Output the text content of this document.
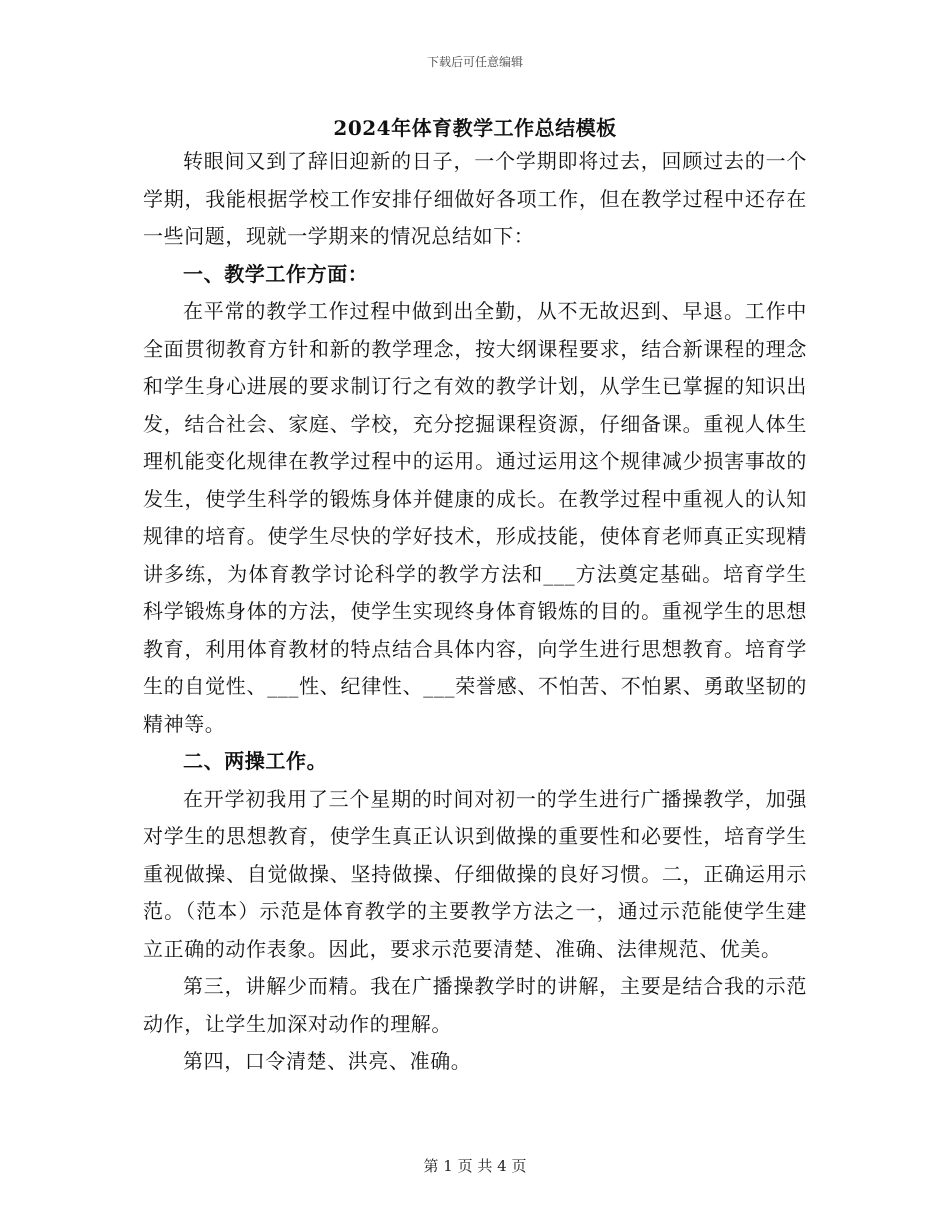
下载后可任意编辑
2024年体育教学工作总结模板

转眼间又到了辞旧迎新的日子，一个学期即将过去，回顾过去的一个学期，我能根据学校工作安排仔细做好各项工作，但在教学过程中还存在一些问题，现就一学期来的情况总结如下：

一、教学工作方面：

在平常的教学工作过程中做到出全勤，从不无故迟到、早退。工作中全面贯彻教育方针和新的教学理念，按大纲课程要求，结合新课程的理念和学生身心进展的要求制订行之有效的教学计划，从学生已掌握的知识出发，结合社会、家庭、学校，充分挖掘课程资源，仔细备课。重视人体生理机能变化规律在教学过程中的运用。通过运用这个规律减少损害事故的发生，使学生科学的锻炼身体并健康的成长。在教学过程中重视人的认知规律的培育。使学生尽快的学好技术，形成技能，使体育老师真正实现精讲多练，为体育教学讨论科学的教学方法和___方法奠定基础。培育学生科学锻炼身体的方法，使学生实现终身体育锻炼的目的。重视学生的思想教育，利用体育教材的特点结合具体内容，向学生进行思想教育。培育学生的自觉性、___性、纪律性、___荣誉感、不怕苦、不怕累、勇敢坚韧的精神等。

二、两操工作。

在开学初我用了三个星期的时间对初一的学生进行广播操教学，加强对学生的思想教育，使学生真正认识到做操的重要性和必要性，培育学生重视做操、自觉做操、坚持做操、仔细做操的良好习惯。二，正确运用示范。（范本）示范是体育教学的主要教学方法之一，通过示范能使学生建立正确的动作表象。因此，要求示范要清楚、准确、法律规范、优美。

第三，讲解少而精。我在广播操教学时的讲解，主要是结合我的示范动作，让学生加深对动作的理解。

第四，口令清楚、洪亮、准确。

第 1 页 共 4 页
